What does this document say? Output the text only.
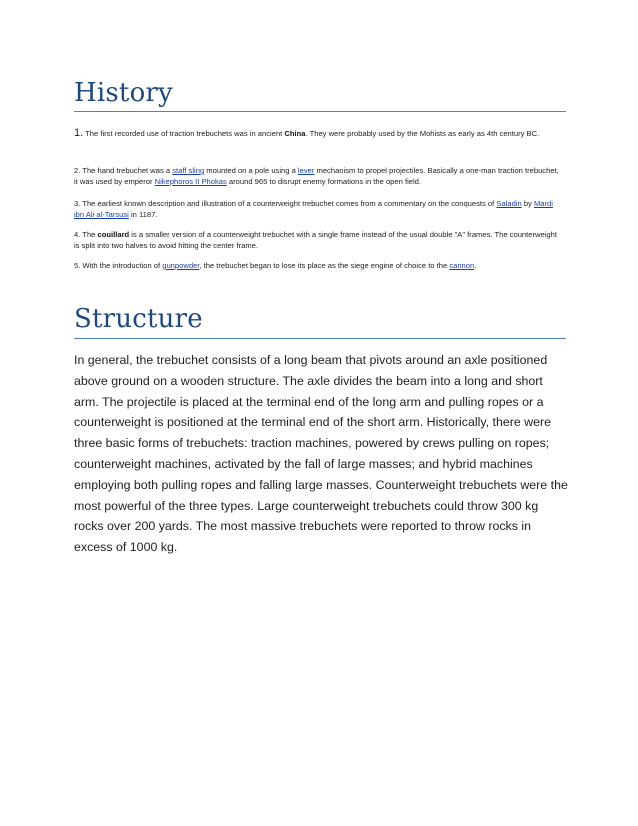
History

1. The first recorded use of traction trebuchets was in ancient China. They were probably used by the Mohists as early as 4th century BC.

2. The hand trebuchet was a staff sling mounted on a pole using a lever mechanism to propel projectiles. Basically a one-man traction trebuchet, it was used by emperor Nikephoros II Phokas around 965 to disrupt enemy formations in the open field.

3. The earliest known description and illustration of a counterweight trebuchet comes from a commentary on the conquests of Saladin by Mardi ibn Ali al-Tarsusi in 1187.

4. The couillard is a smaller version of a counterweight trebuchet with a single frame instead of the usual double "A" frames. The counterweight is split into two halves to avoid hitting the center frame.

5. With the introduction of gunpowder, the trebuchet began to lose its place as the siege engine of choice to the cannon.

Structure

In general, the trebuchet consists of a long beam that pivots around an axle positioned above ground on a wooden structure. The axle divides the beam into a long and short arm. The projectile is placed at the terminal end of the long arm and pulling ropes or a counterweight is positioned at the terminal end of the short arm. Historically, there were three basic forms of trebuchets: traction machines, powered by crews pulling on ropes; counterweight machines, activated by the fall of large masses; and hybrid machines employing both pulling ropes and falling large masses. Counterweight trebuchets were the most powerful of the three types. Large counterweight trebuchets could throw 300 kg rocks over 200 yards. The most massive trebuchets were reported to throw rocks in excess of 1000 kg.
